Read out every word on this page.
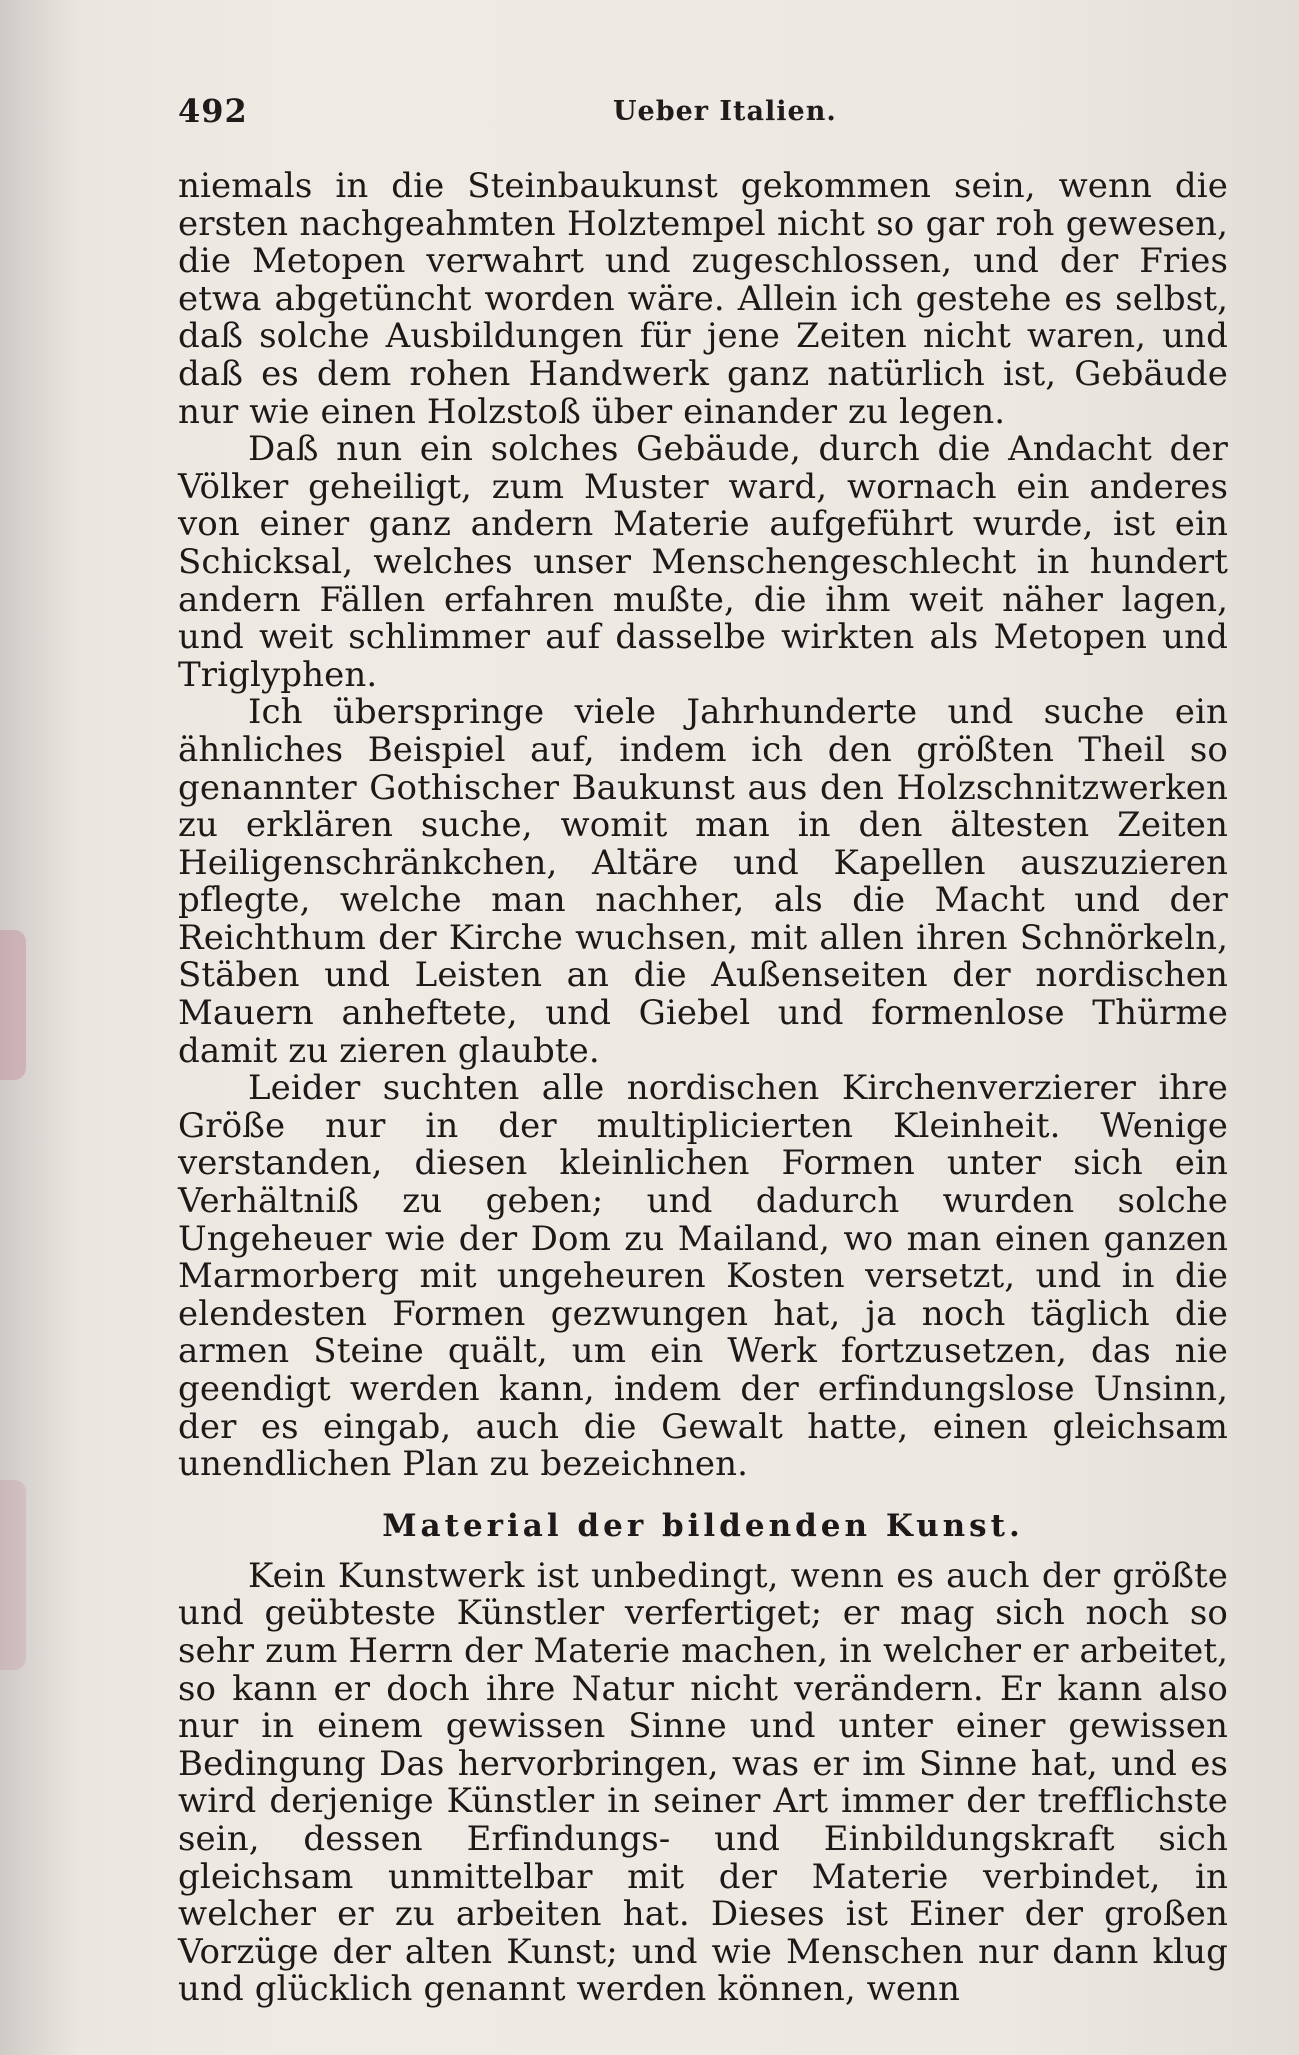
492	Ueber Italien.

niemals in die Steinbaukunst gekommen sein, wenn die ersten nachgeahmten Holztempel nicht so gar roh gewesen, die Metopen verwahrt und zugeschlossen, und der Fries etwa abgetüncht worden wäre. Allein ich gestehe es selbst, daß solche Ausbildungen für jene Zeiten nicht waren, und daß es dem rohen Handwerk ganz natürlich ist, Gebäude nur wie einen Holzstoß über einander zu legen.

Daß nun ein solches Gebäude, durch die Andacht der Völker geheiligt, zum Muster ward, wornach ein anderes von einer ganz andern Materie aufgeführt wurde, ist ein Schicksal, welches unser Menschengeschlecht in hundert andern Fällen erfahren mußte, die ihm weit näher lagen, und weit schlimmer auf dasselbe wirkten als Metopen und Triglyphen.

Ich überspringe viele Jahrhunderte und suche ein ähnliches Beispiel auf, indem ich den größten Theil so genannter Gothischer Baukunst aus den Holzschnitzwerken zu erklären suche, womit man in den ältesten Zeiten Heiligenschränkchen, Altäre und Kapellen auszuzieren pflegte, welche man nachher, als die Macht und der Reichthum der Kirche wuchsen, mit allen ihren Schnörkeln, Stäben und Leisten an die Außenseiten der nordischen Mauern anheftete, und Giebel und formenlose Thürme damit zu zieren glaubte.

Leider suchten alle nordischen Kirchenverzierer ihre Größe nur in der multiplicierten Kleinheit. Wenige verstanden, diesen kleinlichen Formen unter sich ein Verhältniß zu geben; und dadurch wurden solche Ungeheuer wie der Dom zu Mailand, wo man einen ganzen Marmorberg mit ungeheuren Kosten versetzt, und in die elendesten Formen gezwungen hat, ja noch täglich die armen Steine quält, um ein Werk fortzusetzen, das nie geendigt werden kann, indem der erfindungslose Unsinn, der es eingab, auch die Gewalt hatte, einen gleichsam unendlichen Plan zu bezeichnen.

Material der bildenden Kunst.

Kein Kunstwerk ist unbedingt, wenn es auch der größte und geübteste Künstler verfertiget; er mag sich noch so sehr zum Herrn der Materie machen, in welcher er arbeitet, so kann er doch ihre Natur nicht verändern. Er kann also nur in einem gewissen Sinne und unter einer gewissen Bedingung Das hervorbringen, was er im Sinne hat, und es wird derjenige Künstler in seiner Art immer der trefflichste sein, dessen Erfindungs- und Einbildungskraft sich gleichsam unmittelbar mit der Materie verbindet, in welcher er zu arbeiten hat. Dieses ist Einer der großen Vorzüge der alten Kunst; und wie Menschen nur dann klug und glücklich genannt werden können, wenn
